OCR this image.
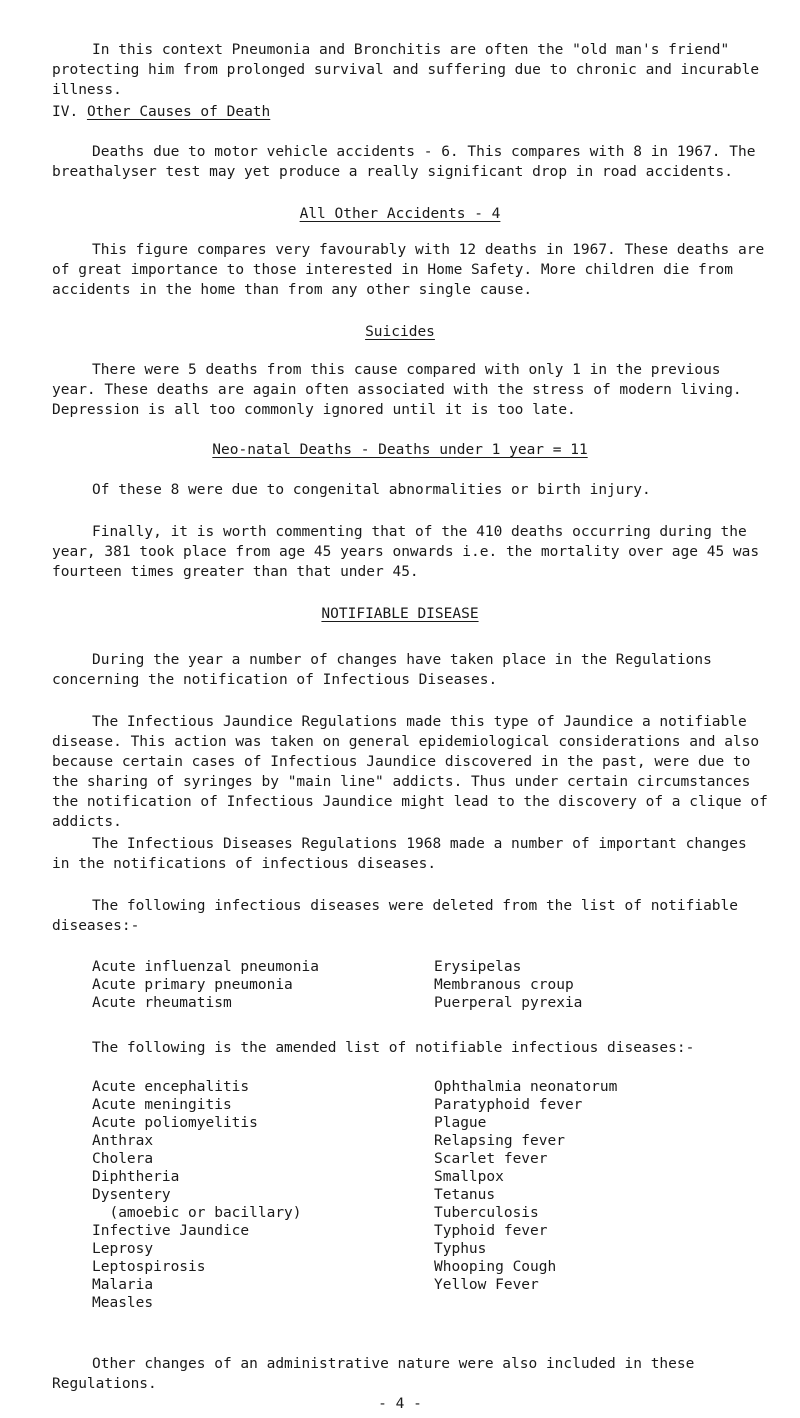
In this context Pneumonia and Bronchitis are often the "old man's friend" protecting him from prolonged survival and suffering due to chronic and incurable illness.

IV. Other Causes of Death

Deaths due to motor vehicle accidents - 6. This compares with 8 in 1967. The breathalyser test may yet produce a really significant drop in road accidents.

All Other Accidents - 4

This figure compares very favourably with 12 deaths in 1967. These deaths are of great importance to those interested in Home Safety. More children die from accidents in the home than from any other single cause.

Suicides

There were 5 deaths from this cause compared with only 1 in the previous year. These deaths are again often associated with the stress of modern living. Depression is all too commonly ignored until it is too late.

Neo-natal Deaths - Deaths under 1 year = 11

Of these 8 were due to congenital abnormalities or birth injury.

Finally, it is worth commenting that of the 410 deaths occurring during the year, 381 took place from age 45 years onwards i.e. the mortality over age 45 was fourteen times greater than that under 45.

NOTIFIABLE DISEASE

During the year a number of changes have taken place in the Regulations concerning the notification of Infectious Diseases.

The Infectious Jaundice Regulations made this type of Jaundice a notifiable disease. This action was taken on general epidemiological considerations and also because certain cases of Infectious Jaundice discovered in the past, were due to the sharing of syringes by "main line" addicts. Thus under certain circumstances the notification of Infectious Jaundice might lead to the discovery of a clique of addicts.

The Infectious Diseases Regulations 1968 made a number of important changes in the notifications of infectious diseases.

The following infectious diseases were deleted from the list of notifiable diseases:-

Acute influenzal pneumonia
Acute primary pneumonia
Acute rheumatism
Erysipelas
Membranous croup
Puerperal pyrexia

The following is the amended list of notifiable infectious diseases:-

Acute encephalitis
Acute meningitis
Acute poliomyelitis
Anthrax
Cholera
Diphtheria
Dysentery
(amoebic or bacillary)
Infective Jaundice
Leprosy
Leptospirosis
Malaria
Measles
Ophthalmia neonatorum
Paratyphoid fever
Plague
Relapsing fever
Scarlet fever
Smallpox
Tetanus
Tuberculosis
Typhoid fever
Typhus
Whooping Cough
Yellow Fever

Other changes of an administrative nature were also included in these Regulations.

- 4 -
